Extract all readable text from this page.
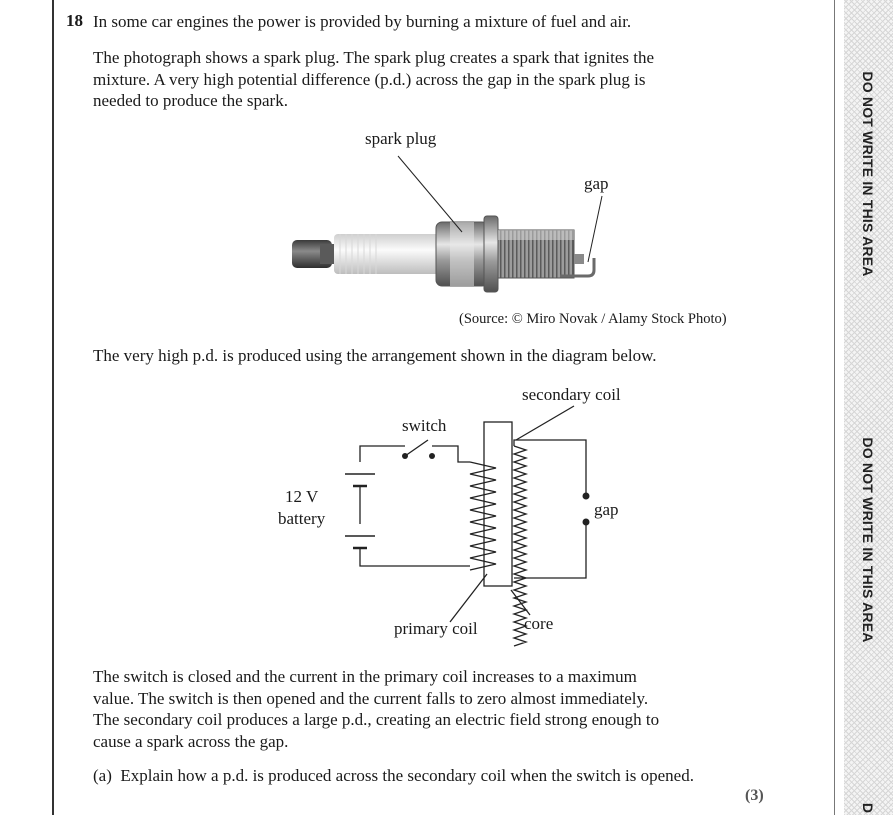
DO NOT WRITE IN THIS AREA
DO NOT WRITE IN THIS AREA
D
18 In some car engines the power is provided by burning a mixture of fuel and air.
The photograph shows a spark plug. The spark plug creates a spark that ignites the
mixture. A very high potential difference (p.d.) across the gap in the spark plug is
needed to produce the spark.
spark plug
gap
(Source: © Miro Novak / Alamy Stock Photo)
The very high p.d. is produced using the arrangement shown in the diagram below.
secondary coil
switch
12 V
battery	gap
primary coil	core
The switch is closed and the current in the primary coil increases to a maximum
value. The switch is then opened and the current falls to zero almost immediately.
The secondary coil produces a large p.d., creating an electric field strong enough to
cause a spark across the gap.
(a)  Explain how a p.d. is produced across the secondary coil when the switch is opened.
(3)
